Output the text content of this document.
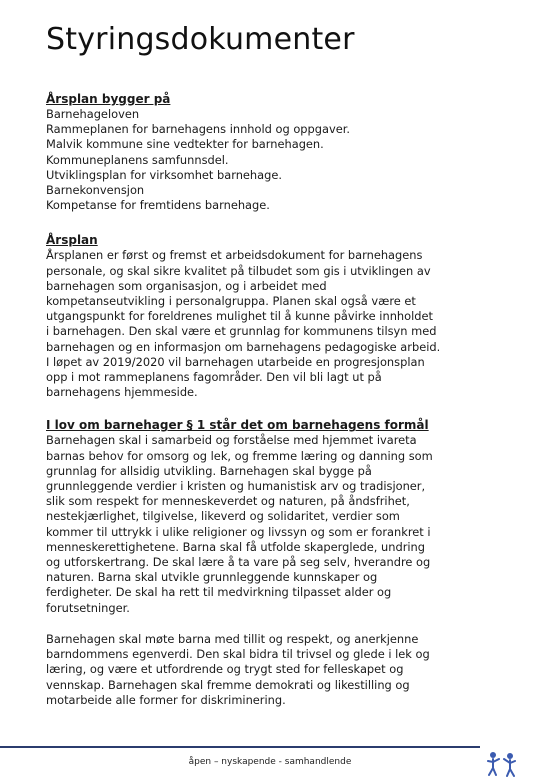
Styringsdokumenter

Årsplan bygger på

Barnehageloven
Rammeplanen for barnehagens innhold og oppgaver.
Malvik kommune sine vedtekter for barnehagen.
Kommuneplanens samfunnsdel.
Utviklingsplan for virksomhet barnehage.
Barnekonvensjon
Kompetanse for fremtidens barnehage.

Årsplan

Årsplanen er først og fremst et arbeidsdokument for barnehagens
personale, og skal sikre kvalitet på tilbudet som gis i utviklingen av
barnehagen som organisasjon, og i arbeidet med
kompetanseutvikling i personalgruppa. Planen skal også være et
utgangspunkt for foreldrenes mulighet til å kunne påvirke innholdet
i barnehagen. Den skal være et grunnlag for kommunens tilsyn med
barnehagen og en informasjon om barnehagens pedagogiske arbeid.
I løpet av 2019/2020 vil barnehagen utarbeide en progresjonsplan
opp i mot rammeplanens fagområder. Den vil bli lagt ut på
barnehagens hjemmeside.

I lov om barnehager § 1 står det om barnehagens formål

Barnehagen skal i samarbeid og forståelse med hjemmet ivareta
barnas behov for omsorg og lek, og fremme læring og danning som
grunnlag for allsidig utvikling. Barnehagen skal bygge på
grunnleggende verdier i kristen og humanistisk arv og tradisjoner,
slik som respekt for menneskeverdet og naturen, på åndsfrihet,
nestekjærlighet, tilgivelse, likeverd og solidaritet, verdier som
kommer til uttrykk i ulike religioner og livssyn og som er forankret i
menneskerettighetene. Barna skal få utfolde skaperglede, undring
og utforskertrang. De skal lære å ta vare på seg selv, hverandre og
naturen. Barna skal utvikle grunnleggende kunnskaper og
ferdigheter. De skal ha rett til medvirkning tilpasset alder og
forutsetninger.
Barnehagen skal møte barna med tillit og respekt, og anerkjenne
barndommens egenverdi. Den skal bidra til trivsel og glede i lek og
læring, og være et utfordrende og trygt sted for felleskapet og
vennskap. Barnehagen skal fremme demokrati og likestilling og
motarbeide alle former for diskriminering.
åpen – nyskapende - samhandlende
